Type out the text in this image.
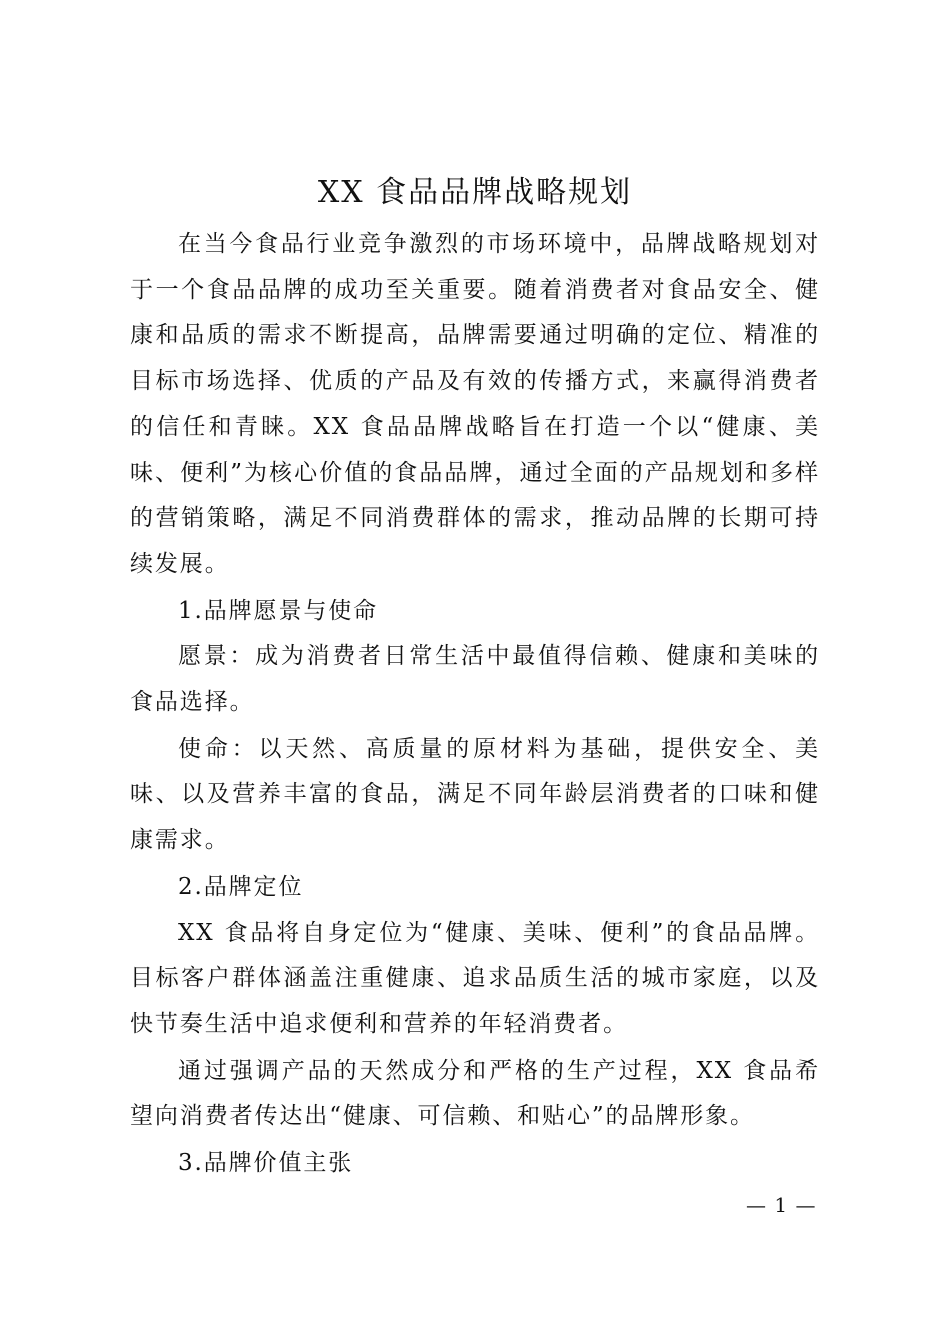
XX 食品品牌战略规划

在当今食品行业竞争激烈的市场环境中，品牌战略规划对于一个食品品牌的成功至关重要。随着消费者对食品安全、健康和品质的需求不断提高，品牌需要通过明确的定位、精准的目标市场选择、优质的产品及有效的传播方式，来赢得消费者的信任和青睐。XX 食品品牌战略旨在打造一个以“健康、美味、便利”为核心价值的食品品牌，通过全面的产品规划和多样的营销策略，满足不同消费群体的需求，推动品牌的长期可持续发展。

1.品牌愿景与使命

愿景：成为消费者日常生活中最值得信赖、健康和美味的食品选择。

使命：以天然、高质量的原材料为基础，提供安全、美味、以及营养丰富的食品，满足不同年龄层消费者的口味和健康需求。

2.品牌定位

XX 食品将自身定位为“健康、美味、便利”的食品品牌。目标客户群体涵盖注重健康、追求品质生活的城市家庭，以及快节奏生活中追求便利和营养的年轻消费者。

通过强调产品的天然成分和严格的生产过程，XX 食品希望向消费者传达出“健康、可信赖、和贴心”的品牌形象。

3.品牌价值主张

— 1 —
